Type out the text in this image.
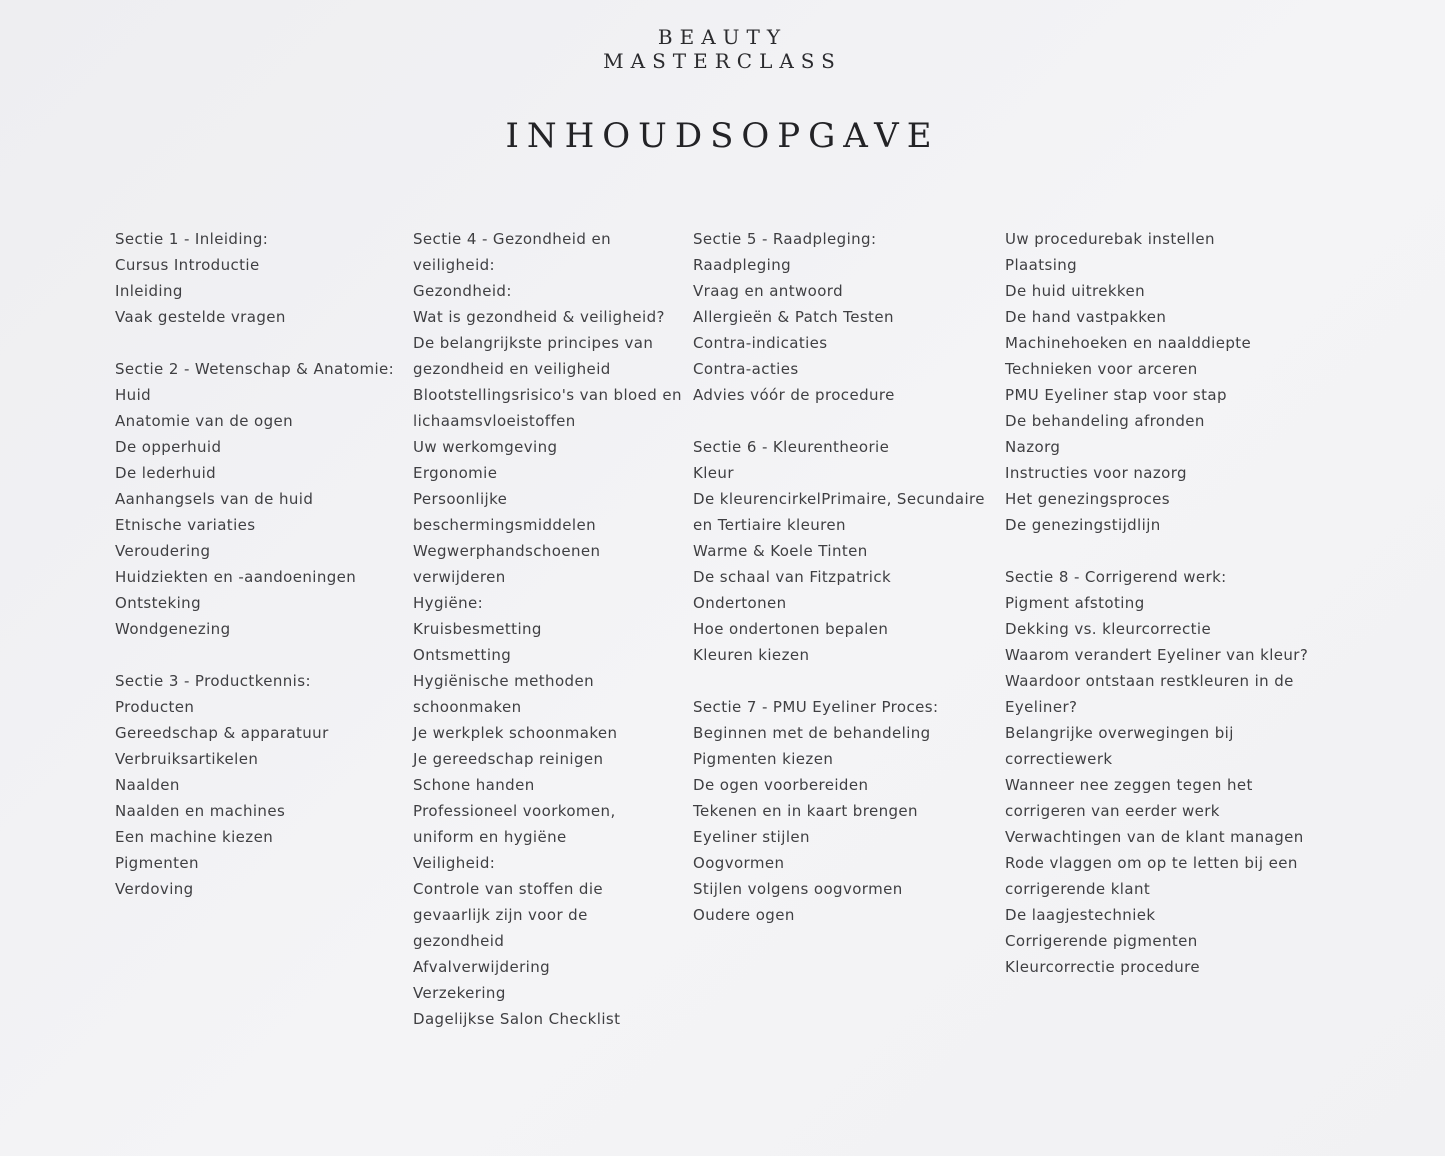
BEAUTY
MASTERCLASS
INHOUDSOPGAVE
Sectie 1 - Inleiding:
Cursus Introductie
Inleiding
Vaak gestelde vragen
Sectie 2 - Wetenschap & Anatomie:
Huid
Anatomie van de ogen
De opperhuid
De lederhuid
Aanhangsels van de huid
Etnische variaties
Veroudering
Huidziekten en -aandoeningen
Ontsteking
Wondgenezing
Sectie 3 - Productkennis:
Producten
Gereedschap & apparatuur
Verbruiksartikelen
Naalden
Naalden en machines
Een machine kiezen
Pigmenten
Verdoving
Sectie 4 - Gezondheid en
veiligheid:
Gezondheid:
Wat is gezondheid & veiligheid?
De belangrijkste principes van
gezondheid en veiligheid
Blootstellingsrisico's van bloed en
lichaamsvloeistoffen
Uw werkomgeving
Ergonomie
Persoonlijke
beschermingsmiddelen
Wegwerphandschoenen
verwijderen
Hygiëne:
Kruisbesmetting
Ontsmetting
Hygiënische methoden
schoonmaken
Je werkplek schoonmaken
Je gereedschap reinigen
Schone handen
Professioneel voorkomen,
uniform en hygiëne
Veiligheid:
Controle van stoffen die
gevaarlijk zijn voor de
gezondheid
Afvalverwijdering
Verzekering
Dagelijkse Salon Checklist
Sectie 5 - Raadpleging:
Raadpleging
Vraag en antwoord
Allergieën & Patch Testen
Contra-indicaties
Contra-acties
Advies vóór de procedure
Sectie 6 - Kleurentheorie
Kleur
De kleurencirkelPrimaire, Secundaire
en Tertiaire kleuren
Warme & Koele Tinten
De schaal van Fitzpatrick
Ondertonen
Hoe ondertonen bepalen
Kleuren kiezen
Sectie 7 - PMU Eyeliner Proces:
Beginnen met de behandeling
Pigmenten kiezen
De ogen voorbereiden
Tekenen en in kaart brengen
Eyeliner stijlen
Oogvormen
Stijlen volgens oogvormen
Oudere ogen
Uw procedurebak instellen
Plaatsing
De huid uitrekken
De hand vastpakken
Machinehoeken en naalddiepte
Technieken voor arceren
PMU Eyeliner stap voor stap
De behandeling afronden
Nazorg
Instructies voor nazorg
Het genezingsproces
De genezingstijdlijn
Sectie 8 - Corrigerend werk:
Pigment afstoting
Dekking vs. kleurcorrectie
Waarom verandert Eyeliner van kleur?
Waardoor ontstaan restkleuren in de
Eyeliner?
Belangrijke overwegingen bij
correctiewerk
Wanneer nee zeggen tegen het
corrigeren van eerder werk
Verwachtingen van de klant managen
Rode vlaggen om op te letten bij een
corrigerende klant
De laagjestechniek
Corrigerende pigmenten
Kleurcorrectie procedure
